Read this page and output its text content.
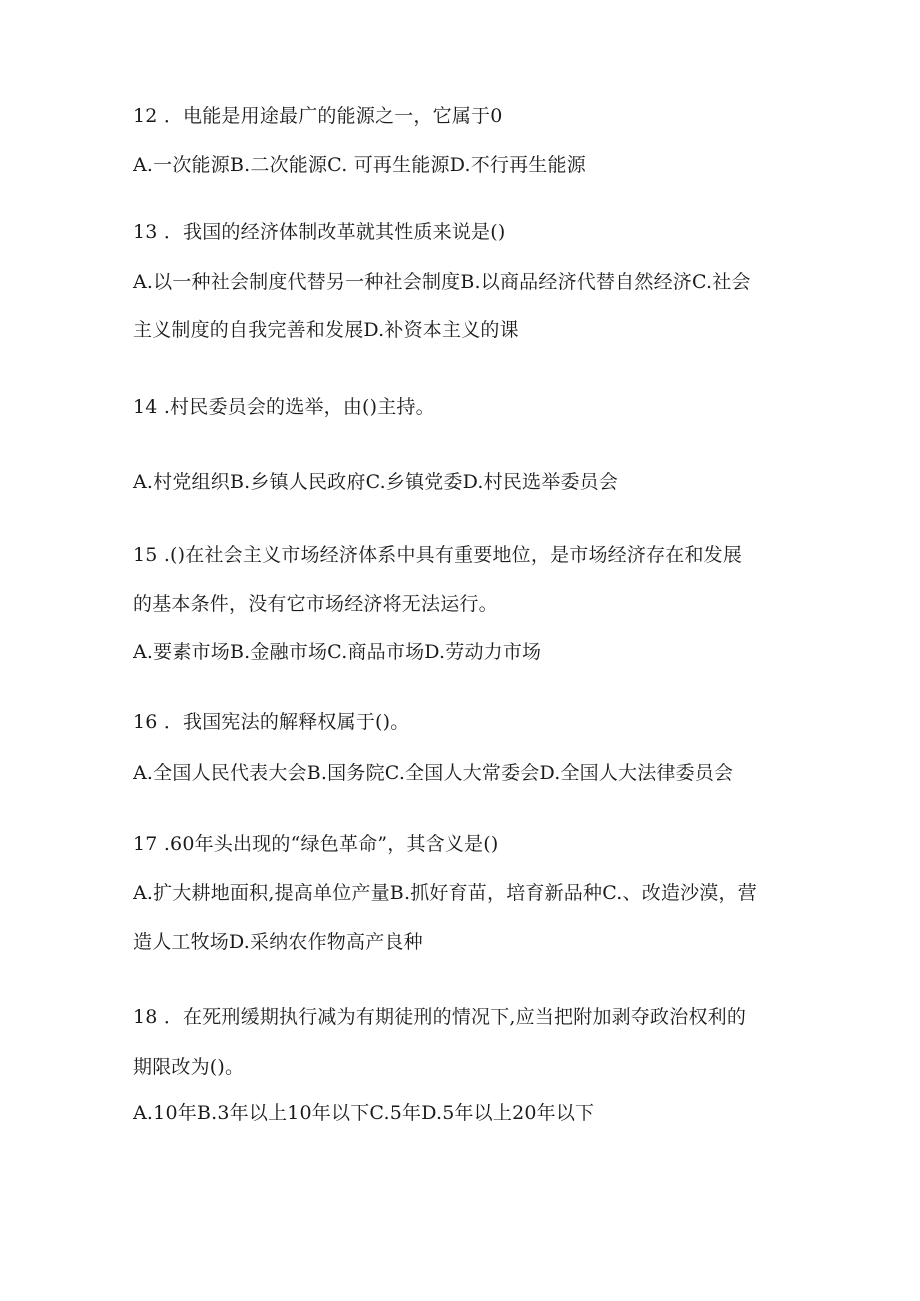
12 ．电能是用途最广的能源之一，它属于0
A.一次能源B.二次能源C. 可再生能源D.不行再生能源
13 ．我国的经济体制改革就其性质来说是()
A.以一种社会制度代替另一种社会制度B.以商品经济代替自然经济C.社会
主义制度的自我完善和发展D.补资本主义的课
14 .村民委员会的选举，由()主持。
A.村党组织B.乡镇人民政府C.乡镇党委D.村民选举委员会
15 .()在社会主义市场经济体系中具有重要地位，是市场经济存在和发展
的基本条件，没有它市场经济将无法运行。
A.要素市场B.金融市场C.商品市场D.劳动力市场
16 ．我国宪法的解释权属于()。
A.全国人民代表大会B.国务院C.全国人大常委会D.全国人大法律委员会
17 .60年头出现的“绿色革命”，其含义是()
A.扩大耕地面积,提高单位产量B.抓好育苗，培育新品种C.、改造沙漠，营
造人工牧场D.采纳农作物高产良种
18 ．在死刑缓期执行减为有期徒刑的情况下,应当把附加剥夺政治权利的
期限改为()。
A.10年B.3年以上10年以下C.5年D.5年以上20年以下
